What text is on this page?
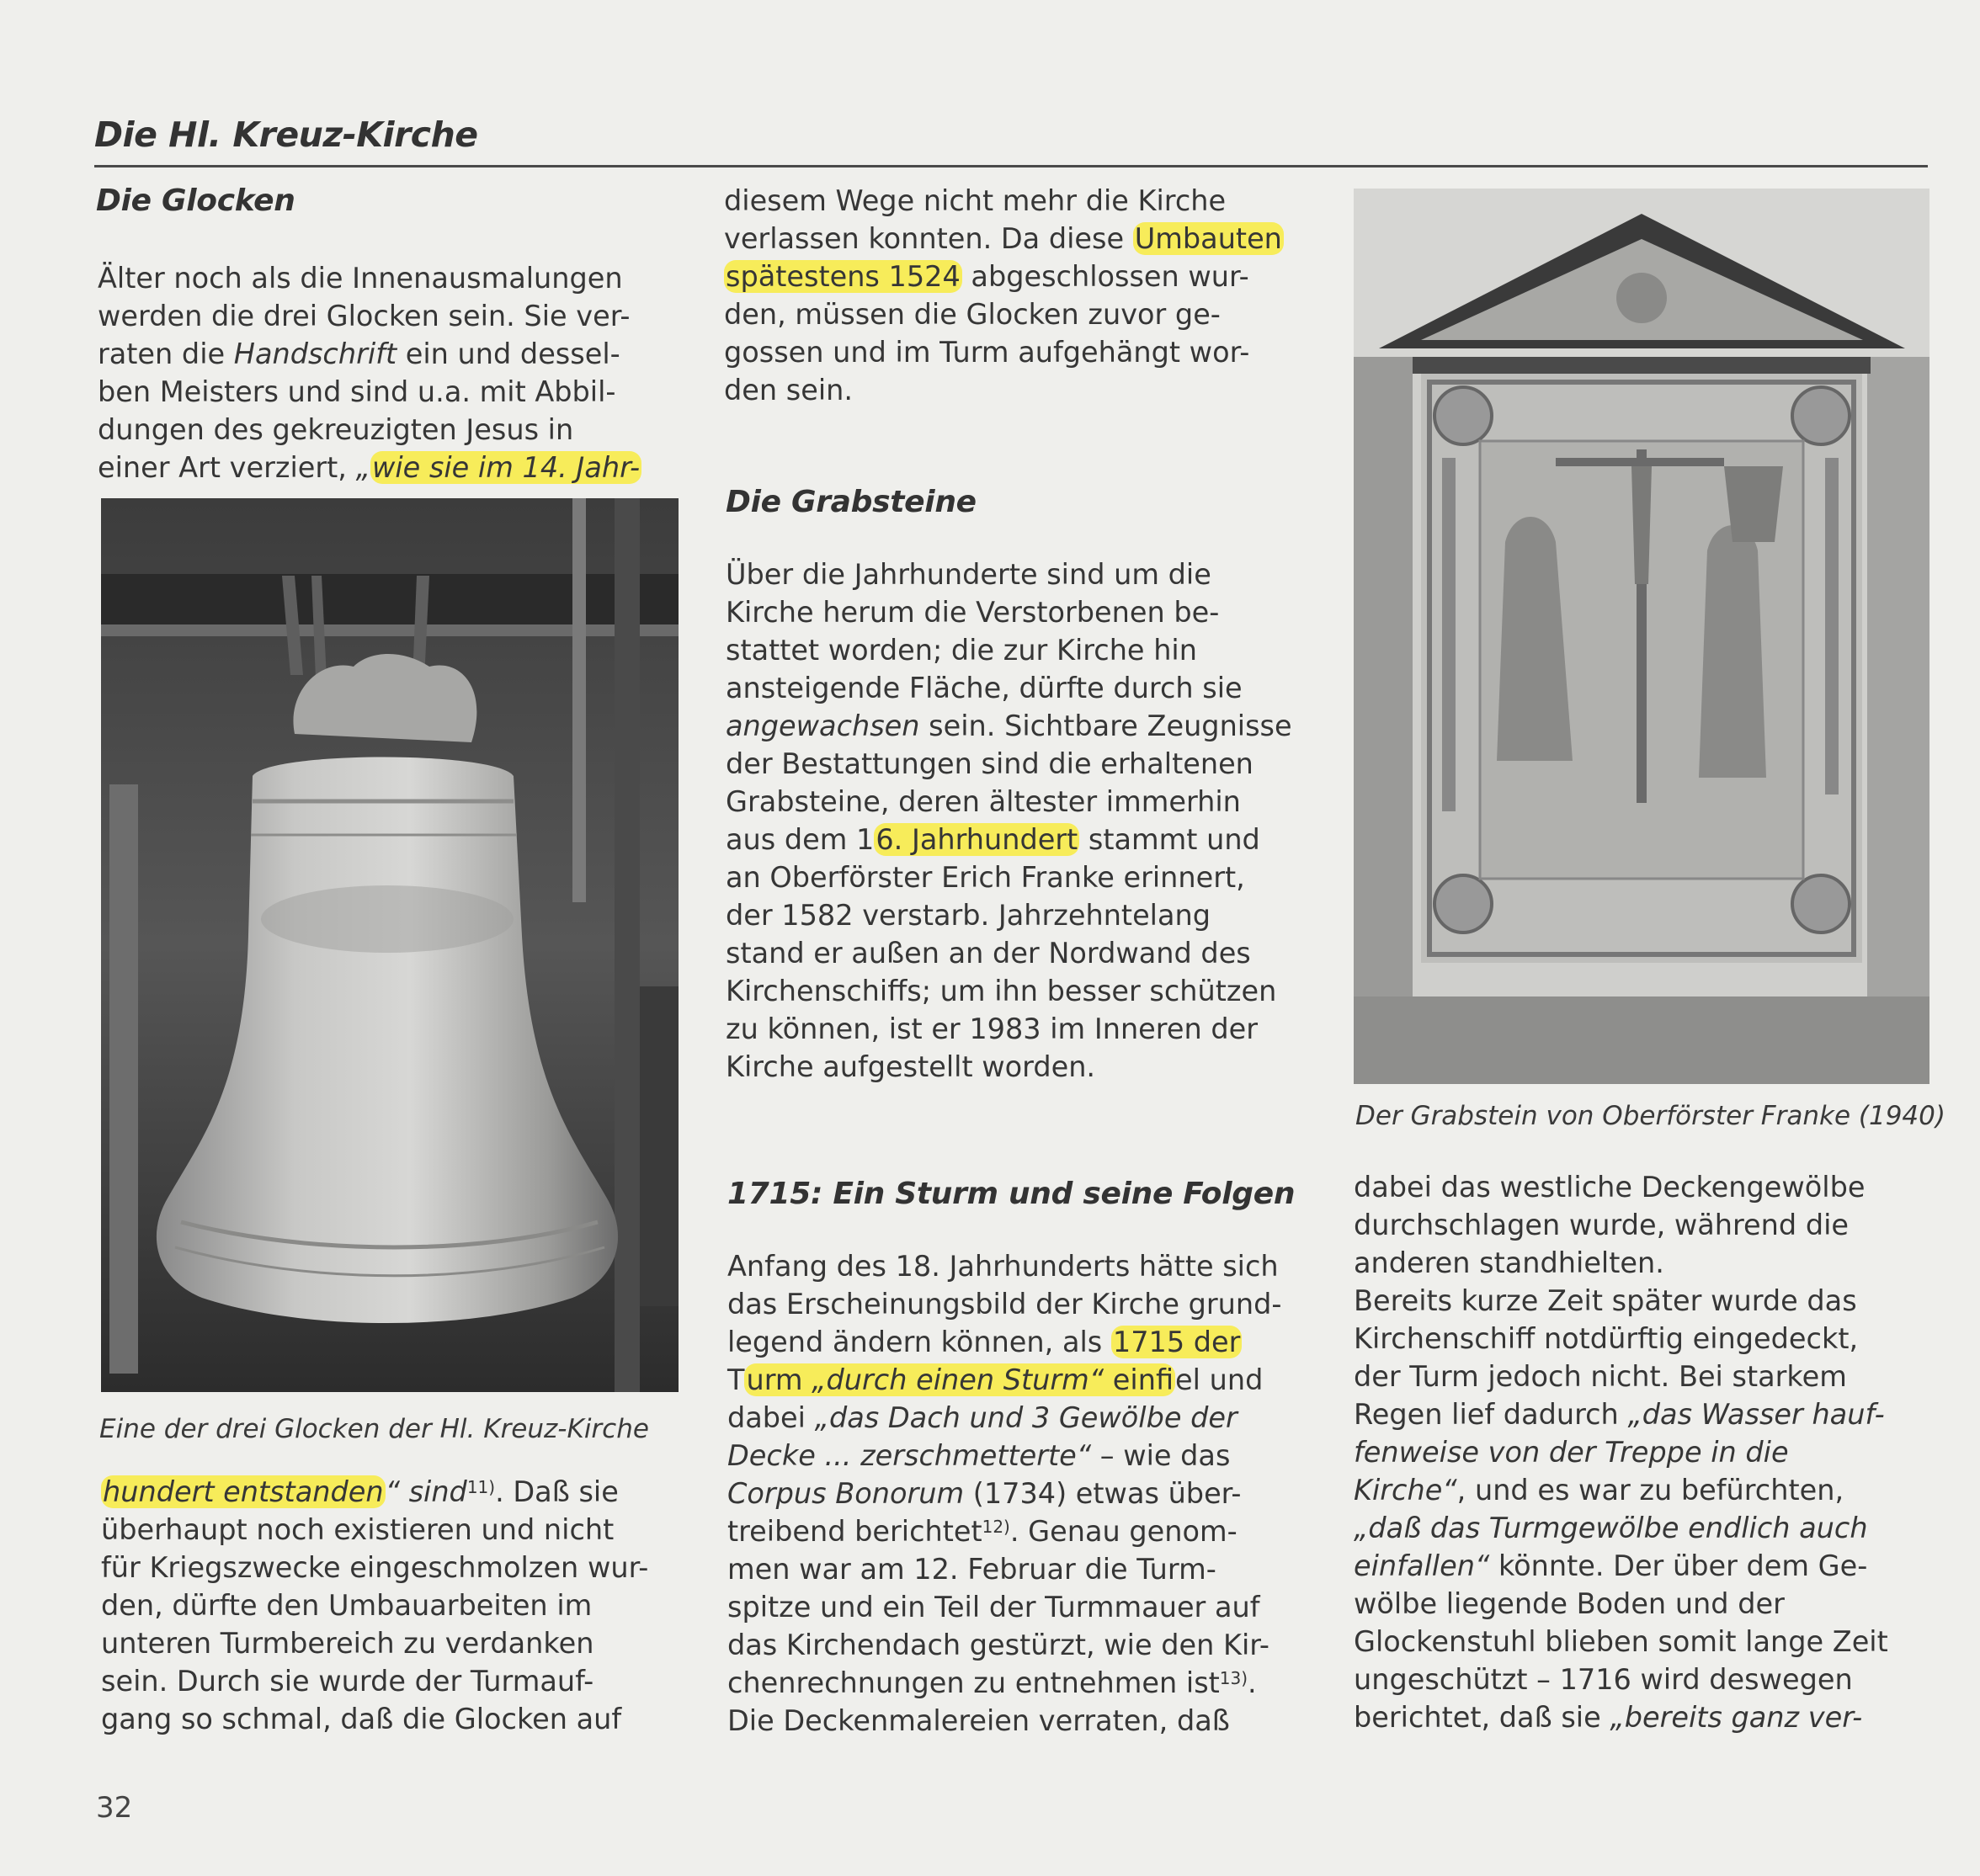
Die Hl. Kreuz-Kirche
Die Glocken
Älter noch als die Innenausmalungen
werden die drei Glocken sein. Sie ver-
raten die Handschrift ein und dessel-
ben Meisters und sind u.a. mit Abbil-
dungen des gekreuzigten Jesus in
einer Art verziert, „wie sie im 14. Jahr-
Eine der drei Glocken der Hl. Kreuz-Kirche
hundert entstanden“ sind$^{11)}$. Daß sie
überhaupt noch existieren und nicht
für Kriegszwecke eingeschmolzen wur-
den, dürfte den Umbauarbeiten im
unteren Turmbereich zu verdanken
sein. Durch sie wurde der Turmauf-
gang so schmal, daß die Glocken auf
diesem Wege nicht mehr die Kirche
verlassen konnten. Da diese Umbauten
spätestens 1524 abgeschlossen wur-
den, müssen die Glocken zuvor ge-
gossen und im Turm aufgehängt wor-
den sein.
Die Grabsteine
Über die Jahrhunderte sind um die
Kirche herum die Verstorbenen be-
stattet worden; die zur Kirche hin
ansteigende Fläche, dürfte durch sie
angewachsen sein. Sichtbare Zeugnisse
der Bestattungen sind die erhaltenen
Grabsteine, deren ältester immerhin
aus dem 16. Jahrhundert stammt und
an Oberförster Erich Franke erinnert,
der 1582 verstarb. Jahrzehntelang
stand er außen an der Nordwand des
Kirchenschiffs; um ihn besser schützen
zu können, ist er 1983 im Inneren der
Kirche aufgestellt worden.
1715: Ein Sturm und seine Folgen
Anfang des 18. Jahrhunderts hätte sich
das Erscheinungsbild der Kirche grund-
legend ändern können, als 1715 der
Turm „durch einen Sturm“ einfiel und
dabei „das Dach und 3 Gewölbe der
Decke ... zerschmetterte“ – wie das
Corpus Bonorum (1734) etwas über-
treibend berichtet$^{12)}$. Genau genom-
men war am 12. Februar die Turm-
spitze und ein Teil der Turmmauer auf
das Kirchendach gestürzt, wie den Kir-
chenrechnungen zu entnehmen ist$^{13)}$.
Die Deckenmalereien verraten, daß
Der Grabstein von Oberförster Franke (1940)
dabei das westliche Deckengewölbe
durchschlagen wurde, während die
anderen standhielten.
Bereits kurze Zeit später wurde das
Kirchenschiff notdürftig eingedeckt,
der Turm jedoch nicht. Bei starkem
Regen lief dadurch „das Wasser hauf-
fenweise von der Treppe in die
Kirche“, und es war zu befürchten,
„daß das Turmgewölbe endlich auch
einfallen“ könnte. Der über dem Ge-
wölbe liegende Boden und der
Glockenstuhl blieben somit lange Zeit
ungeschützt – 1716 wird deswegen
berichtet, daß sie „bereits ganz ver-
32
